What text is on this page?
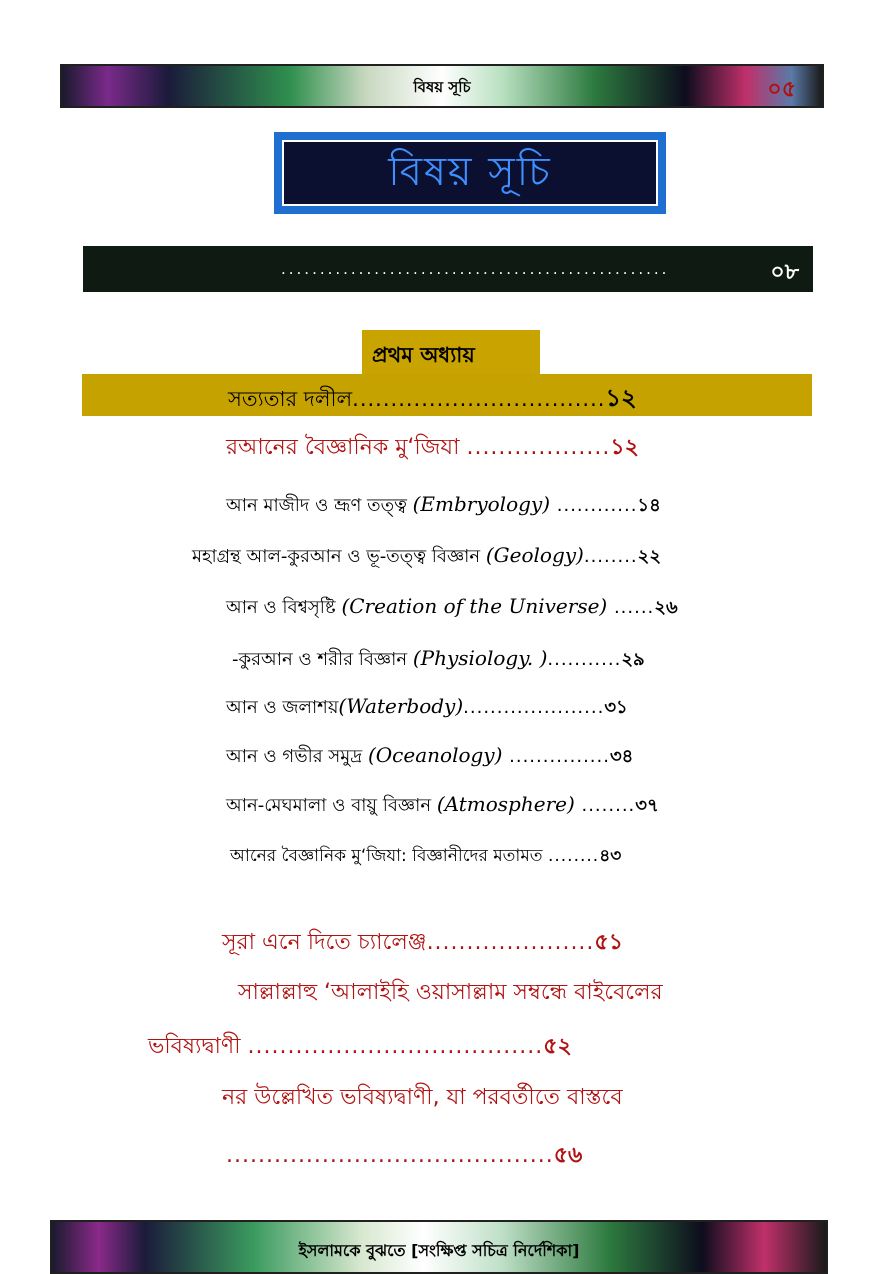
বিষয় সূচি	০৫
বিষয় সূচি
..................................................	০৮
প্রথম অধ্যায়
সত্যতার দলীল.................................১২
রআনের বৈজ্ঞানিক মু‘জিযা ..................১২
আন মাজীদ ও ভ্রূণ তত্ত্ব (Embryology) ............১৪
মহাগ্রন্থ আল-কুরআন ও ভূ-তত্ত্ব বিজ্ঞান (Geology)........২২
আন ও বিশ্বসৃষ্টি (Creation of the Universe) ......২৬
-কুরআন ও শরীর বিজ্ঞান (Physiology. )...........২৯
আন ও জলাশয়(Waterbody).....................৩১
আন ও গভীর সমুদ্র (Oceanology) ...............৩৪
আন-মেঘমালা ও বায়ু বিজ্ঞান (Atmosphere) ........৩৭
আনের বৈজ্ঞানিক মু‘জিযা: বিজ্ঞানীদের মতামত ........৪৩
সূরা এনে দিতে চ্যালেঞ্জ.....................৫১
সাল্লাল্লাহু ‘আলাইহি ওয়াসাল্লাম সম্বন্ধে বাইবেলের
ভবিষ্যদ্বাণী .....................................৫২
নর উল্লেখিত ভবিষ্যদ্বাণী, যা পরবর্তীতে বাস্তবে
.........................................৫৬
ইসলামকে বুঝতে [সংক্ষিপ্ত সচিত্র নির্দেশিকা]
